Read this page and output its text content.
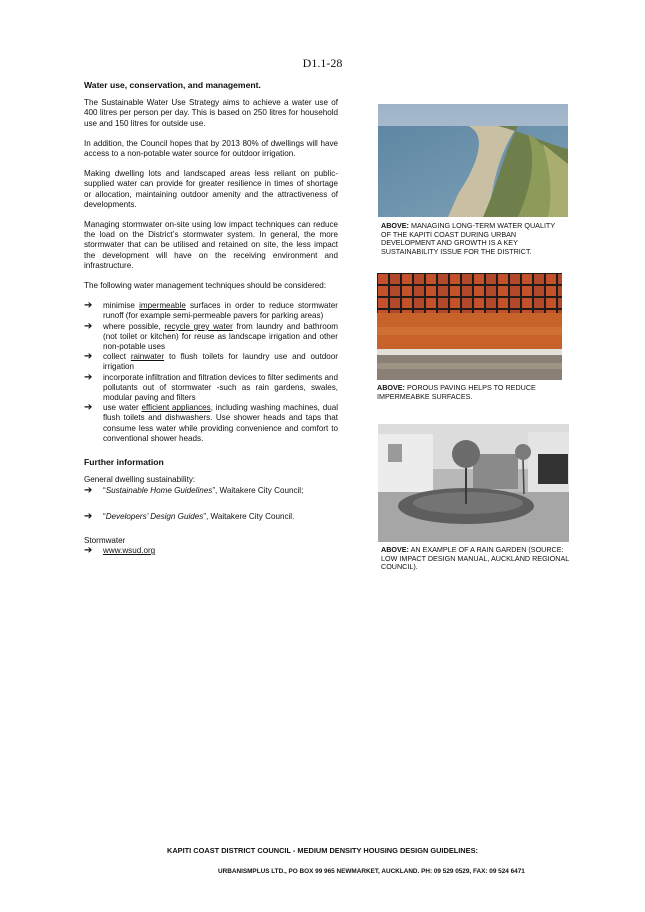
D1.1-28
Water use, conservation, and management.

The Sustainable Water Use Strategy aims to achieve a water use of 400 litres per person per day. This is based on 250 litres for household use and 150 litres for outside use.

In addition, the Council hopes that by 2013 80% of dwellings will have access to a non-potable water source for outdoor irrigation.

Making dwelling lots and landscaped areas less reliant on public-supplied water can provide for greater resilience in times of shortage or allocation, maintaining outdoor amenity and the attractiveness of developments.

Managing stormwater on-site using low impact techniques can reduce the load on the District’s stormwater system. In general, the more stormwater that can be utilised and retained on site, the less impact the development will have on the receiving environment and infrastructure.

The following water management techniques should be considered:

➔	minimise impermeable surfaces in order to reduce stormwater runoff (for example semi-permeable pavers for parking areas)
➔	where possible, recycle grey water from laundry and bathroom (not toilet or kitchen) for reuse as landscape irrigation and other non-potable uses
➔	collect rainwater to flush toilets for laundry use and outdoor irrigation
➔	incorporate infiltration and filtration devices to filter sediments and pollutants out of stormwater -such as rain gardens, swales, modular paving and filters
➔	use water efficient appliances, including washing machines, dual flush toilets and dishwashers. Use shower heads and taps that consume less water while providing convenience and comfort to conventional shower heads.
Further information
General dwelling sustainability:
➔	“Sustainable Home Guidelines”, Waitakere City Council;
➔	“Developers’ Design Guides”, Waitakere City Council.
Stormwater
➔	www.wsud.org
ABOVE: MANAGING LONG-TERM WATER QUALITY OF THE KAPITI COAST DURING URBAN DEVELOPMENT AND GROWTH IS A KEY SUSTAINABILITY ISSUE FOR THE DISTRICT.
ABOVE: POROUS PAVING HELPS TO REDUCE IMPERMEABKE SURFACES.
ABOVE: AN EXAMPLE OF A RAIN GARDEN (SOURCE: LOW IMPACT DESIGN MANUAL, AUCKLAND REGIONAL COUNCIL).
KAPITI COAST DISTRICT COUNCIL - MEDIUM DENSITY HOUSING DESIGN GUIDELINES:
URBANISMPLUS LTD., PO BOX 99 965 NEWMARKET, AUCKLAND. PH: 09 529 0529, FAX: 09 524 6471
